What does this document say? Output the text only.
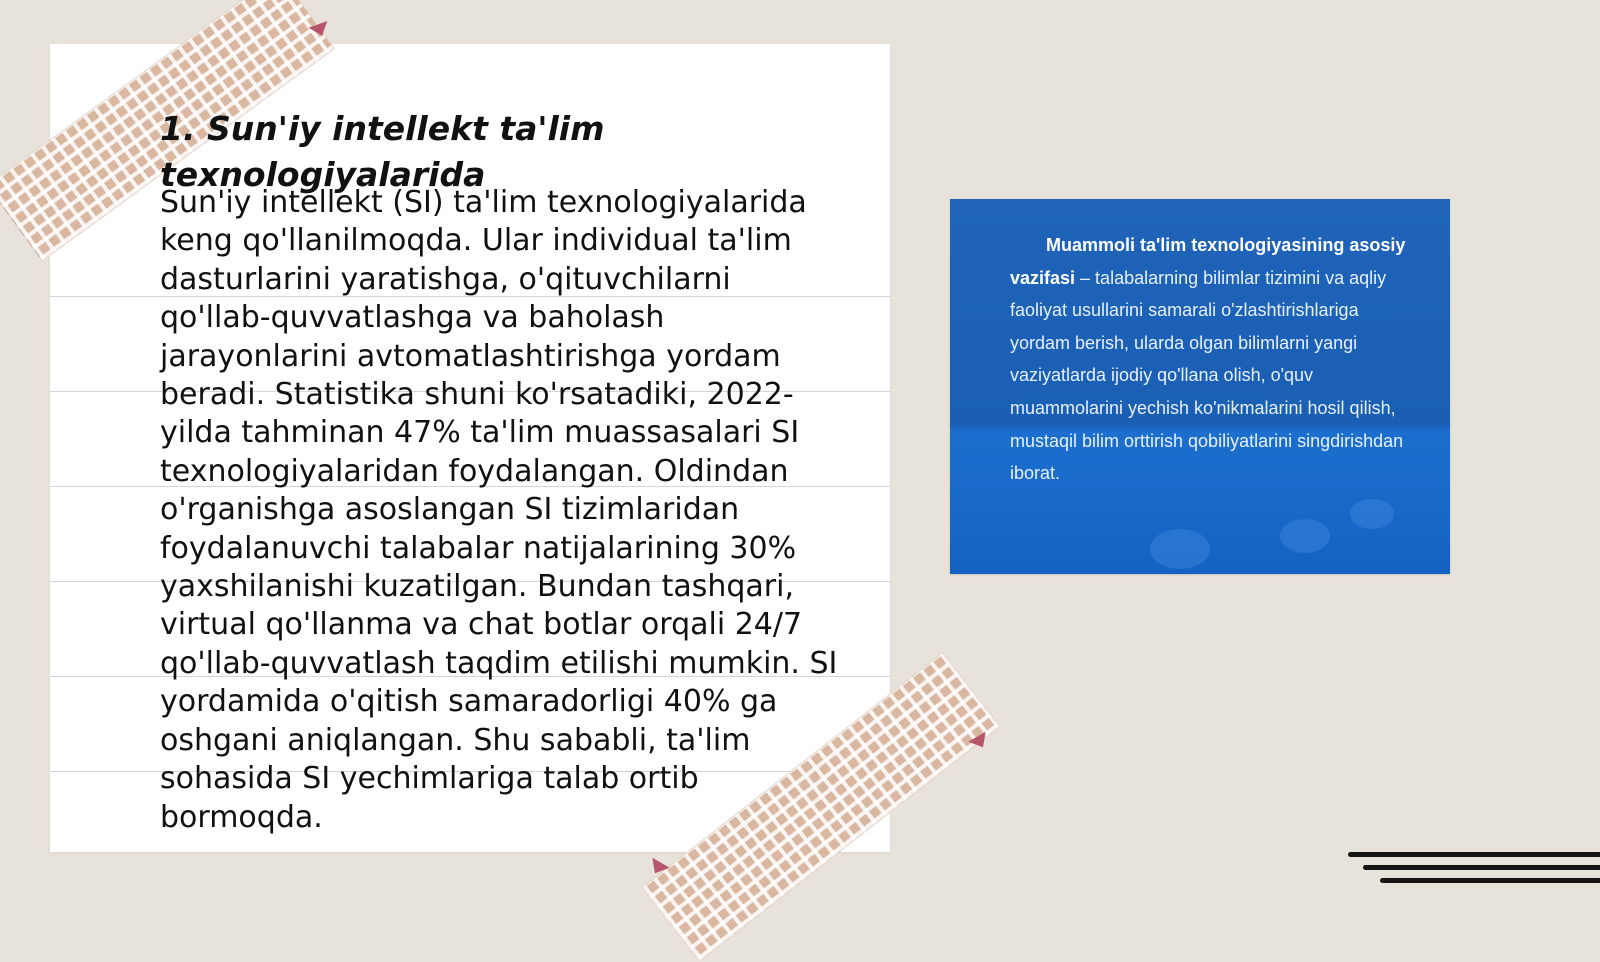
1. Sun'iy intellekt ta'lim texnologiyalarida

Sun'iy intellekt (SI) ta'lim texnologiyalarida keng qo'llanilmoqda. Ular individual ta'lim dasturlarini yaratishga, o'qituvchilarni qo'llab-quvvatlashga va baholash jarayonlarini avtomatlashtirishga yordam beradi. Statistika shuni ko'rsatadiki, 2022-yilda tahminan 47% ta'lim muassasalari SI texnologiyalaridan foydalangan. Oldindan o'rganishga asoslangan SI tizimlaridan foydalanuvchi talabalar natijalarining 30% yaxshilanishi kuzatilgan. Bundan tashqari, virtual qo'llanma va chat botlar orqali 24/7 qo'llab-quvvatlash taqdim etilishi mumkin. SI yordamida o'qitish samaradorligi 40% ga oshgani aniqlangan. Shu sababli, ta'lim sohasida SI yechimlariga talab ortib bormoqda.

Muammoli ta'lim texnologiyasining asosiy vazifasi – talabalarning bilimlar tizimini va aqliy faoliyat usullarini samarali o'zlashtirishlariga yordam berish, ularda olgan bilimlarni yangi vaziyatlarda ijodiy qo'llana olish, o'quv muammolarini yechish ko'nikmalarini hosil qilish, mustaqil bilim orttirish qobiliyatlarini singdirishdan iborat.
